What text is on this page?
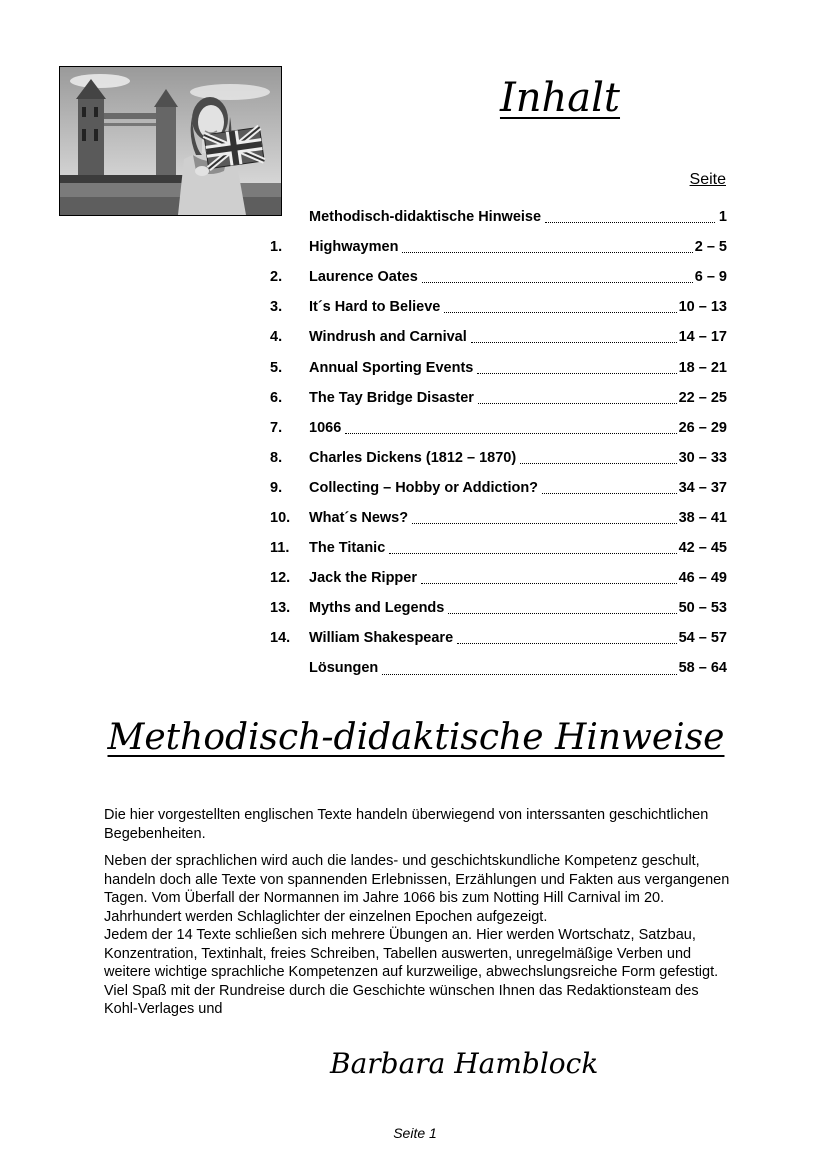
Inhalt
Seite
Methodisch-didaktische Hinweise	1
1.	Highwaymen	2 – 5
2.	Laurence Oates	6 – 9
3.	It´s Hard to Believe	10 – 13
4.	Windrush and Carnival	14 – 17
5.	Annual Sporting Events	18 – 21
6.	The Tay Bridge Disaster	22 – 25
7.	1066	26 – 29
8.	Charles Dickens (1812 – 1870)	30 – 33
9.	Collecting – Hobby or Addiction?	34 – 37
10.	What´s News?	38 – 41
11.	The Titanic	42 – 45
12.	Jack the Ripper	46 – 49
13.	Myths and Legends	50 – 53
14.	William Shakespeare	54 – 57
Lösungen	58 – 64
Methodisch-didaktische Hinweise

Die hier vorgestellten englischen Texte handeln überwiegend von interssanten geschichtlichen Begebenheiten.

Neben der sprachlichen wird auch die landes- und geschichtskundliche Kompetenz geschult, handeln doch alle Texte von spannenden Erlebnissen, Erzählungen und Fakten aus vergangenen Tagen. Vom Überfall der Normannen im Jahre 1066 bis zum Notting Hill Carnival im 20. Jahrhundert werden Schlaglichter der einzelnen Epochen aufgezeigt.

Jedem der 14 Texte schließen sich mehrere Übungen an. Hier werden Wortschatz, Satzbau, Konzentration, Textinhalt, freies Schreiben, Tabellen auswerten, unregelmäßige Verben und weitere wichtige sprachliche Kompetenzen auf kurzweilige, abwechslungsreiche Form gefestigt.

Viel Spaß mit der Rundreise durch die Geschichte wünschen Ihnen das Redaktionsteam des Kohl-Verlages und

Barbara Hamblock
Seite 1
